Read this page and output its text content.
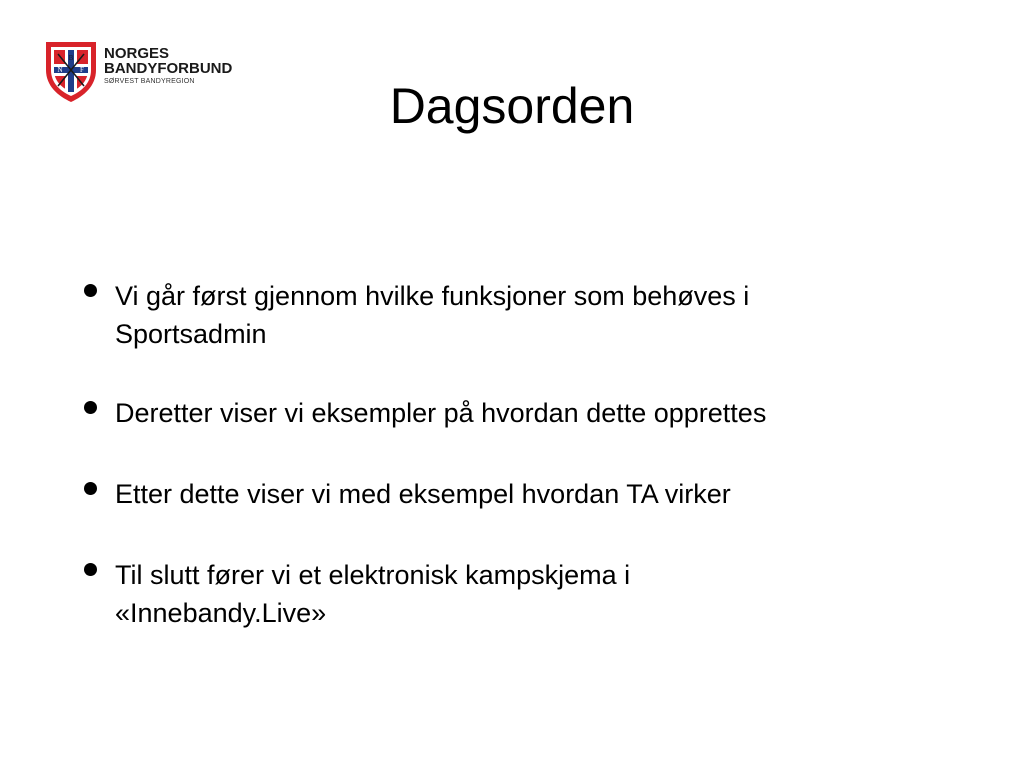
B
N	F
NORGES
BANDYFORBUND
SØRVEST BANDYREGION	Dagsorden
Vi går først gjennom hvilke funksjoner som behøves i
Sportsadmin
Deretter viser vi eksempler på hvordan dette opprettes
Etter dette viser vi med eksempel hvordan TA virker
Til slutt fører vi et elektronisk kampskjema i
«Innebandy.Live»
